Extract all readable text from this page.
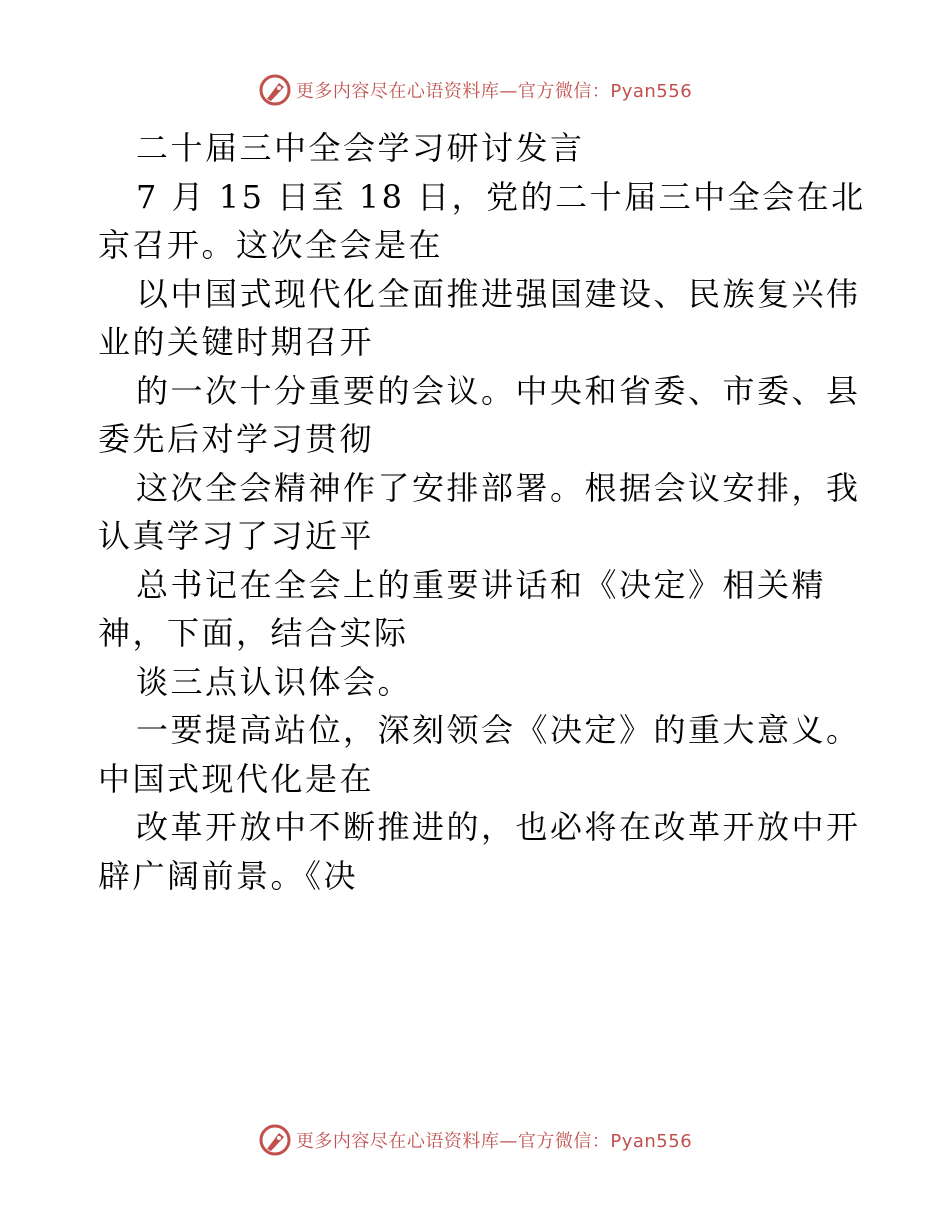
更多内容尽在心语资料库—官方微信：Pyan556
二十届三中全会学习研讨发言
7 月 15 日至 18 日，党的二十届三中全会在北
京召开。这次全会是在
以中国式现代化全面推进强国建设、民族复兴伟
业的关键时期召开
的一次十分重要的会议。中央和省委、市委、县
委先后对学习贯彻
这次全会精神作了安排部署。根据会议安排，我
认真学习了习近平
总书记在全会上的重要讲话和《决定》相关精
神，下面，结合实际
谈三点认识体会。
一要提高站位，深刻领会《决定》的重大意义。
中国式现代化是在
改革开放中不断推进的，也必将在改革开放中开
辟广阔前景。《决
更多内容尽在心语资料库—官方微信：Pyan556
